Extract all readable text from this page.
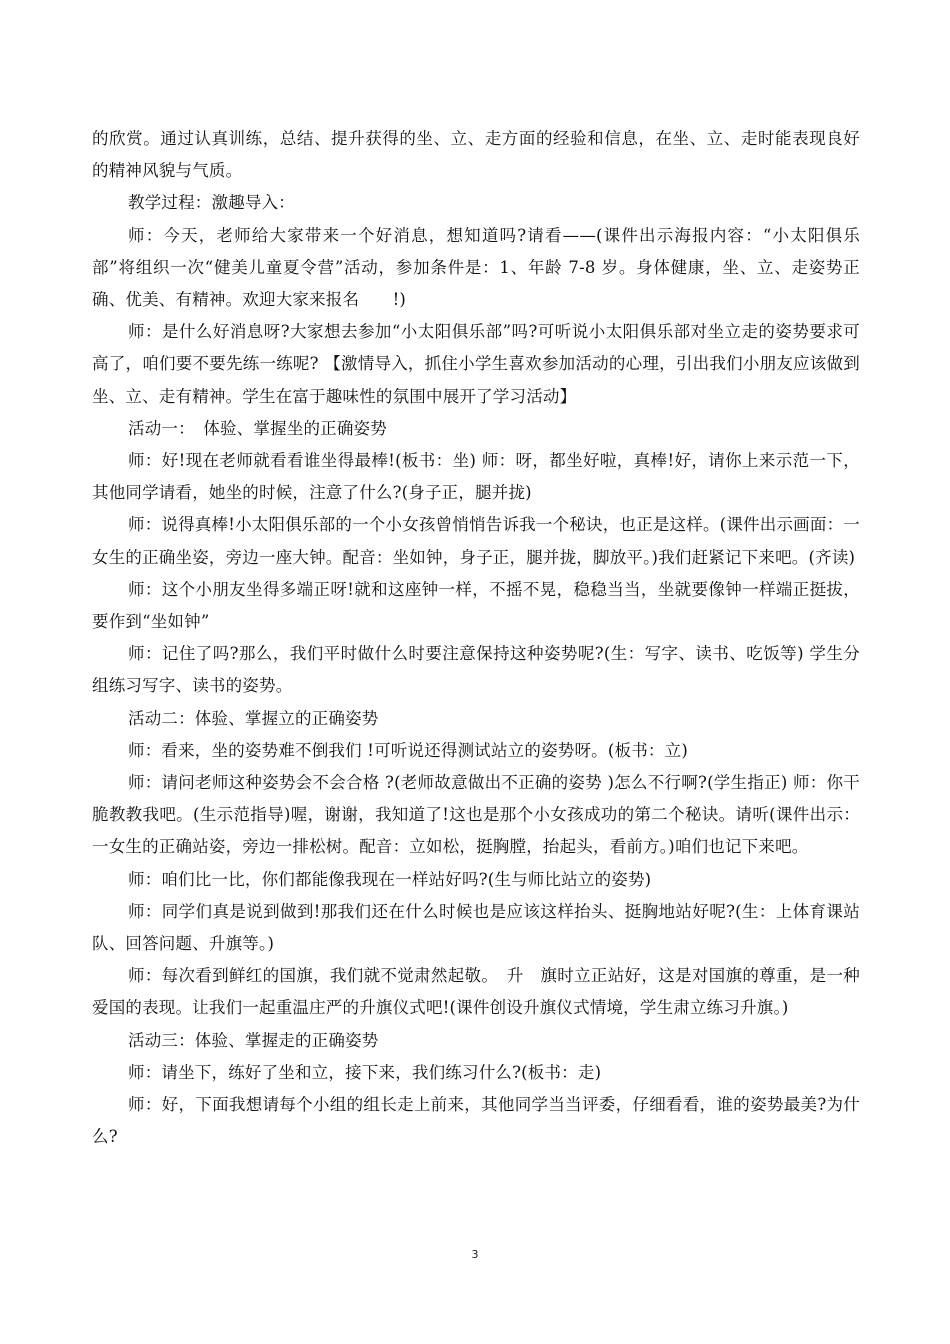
的欣赏。通过认真训练，总结、提升获得的坐、立、走方面的经验和信息，在坐、立、走时能表现良好的精神风貌与气质。

教学过程：激趣导入：

师：今天，老师给大家带来一个好消息，想知道吗?请看——(课件出示海报内容：“小太阳俱乐部”将组织一次“健美儿童夏令营”活动，参加条件是：1、年龄 7-8 岁。身体健康，坐、立、走姿势正确、优美、有精神。欢迎大家来报名　　!)

师：是什么好消息呀?大家想去参加“小太阳俱乐部”吗?可听说小太阳俱乐部对坐立走的姿势要求可高了，咱们要不要先练一练呢? 【激情导入，抓住小学生喜欢参加活动的心理，引出我们小朋友应该做到坐、立、走有精神。学生在富于趣味性的氛围中展开了学习活动】

活动一：　体验、掌握坐的正确姿势

师：好!现在老师就看看谁坐得最棒!(板书：坐) 师：呀，都坐好啦，真棒!好，请你上来示范一下，其他同学请看，她坐的时候，注意了什么?(身子正，腿并拢)

师：说得真棒!小太阳俱乐部的一个小女孩曾悄悄告诉我一个秘诀，也正是这样。(课件出示画面：一女生的正确坐姿，旁边一座大钟。配音：坐如钟，身子正，腿并拢，脚放平。)我们赶紧记下来吧。(齐读)

师：这个小朋友坐得多端正呀!就和这座钟一样，不摇不晃，稳稳当当，坐就要像钟一样端正挺拔，要作到“坐如钟”

师：记住了吗?那么，我们平时做什么时要注意保持这种姿势呢?(生：写字、读书、吃饭等) 学生分组练习写字、读书的姿势。

活动二：体验、掌握立的正确姿势

师：看来，坐的姿势难不倒我们 !可听说还得测试站立的姿势呀。(板书：立)

师：请问老师这种姿势会不会合格 ?(老师故意做出不正确的姿势 )怎么不行啊?(学生指正) 师：你干脆教教我吧。(生示范指导)喔，谢谢，我知道了!这也是那个小女孩成功的第二个秘诀。请听(课件出示：一女生的正确站姿，旁边一排松树。配音：立如松，挺胸膛，抬起头，看前方。)咱们也记下来吧。

师：咱们比一比，你们都能像我现在一样站好吗?(生与师比站立的姿势)

师：同学们真是说到做到!那我们还在什么时候也是应该这样抬头、挺胸地站好呢?(生：上体育课站队、回答问题、升旗等。)

师：每次看到鲜红的国旗，我们就不觉肃然起敬。　升　旗时立正站好，这是对国旗的尊重，是一种爱国的表现。让我们一起重温庄严的升旗仪式吧!(课件创设升旗仪式情境，学生肃立练习升旗。)

活动三：体验、掌握走的正确姿势

师：请坐下，练好了坐和立，接下来，我们练习什么?(板书：走)

师：好，下面我想请每个小组的组长走上前来，其他同学当当评委，仔细看看，谁的姿势最美?为什么?

3
